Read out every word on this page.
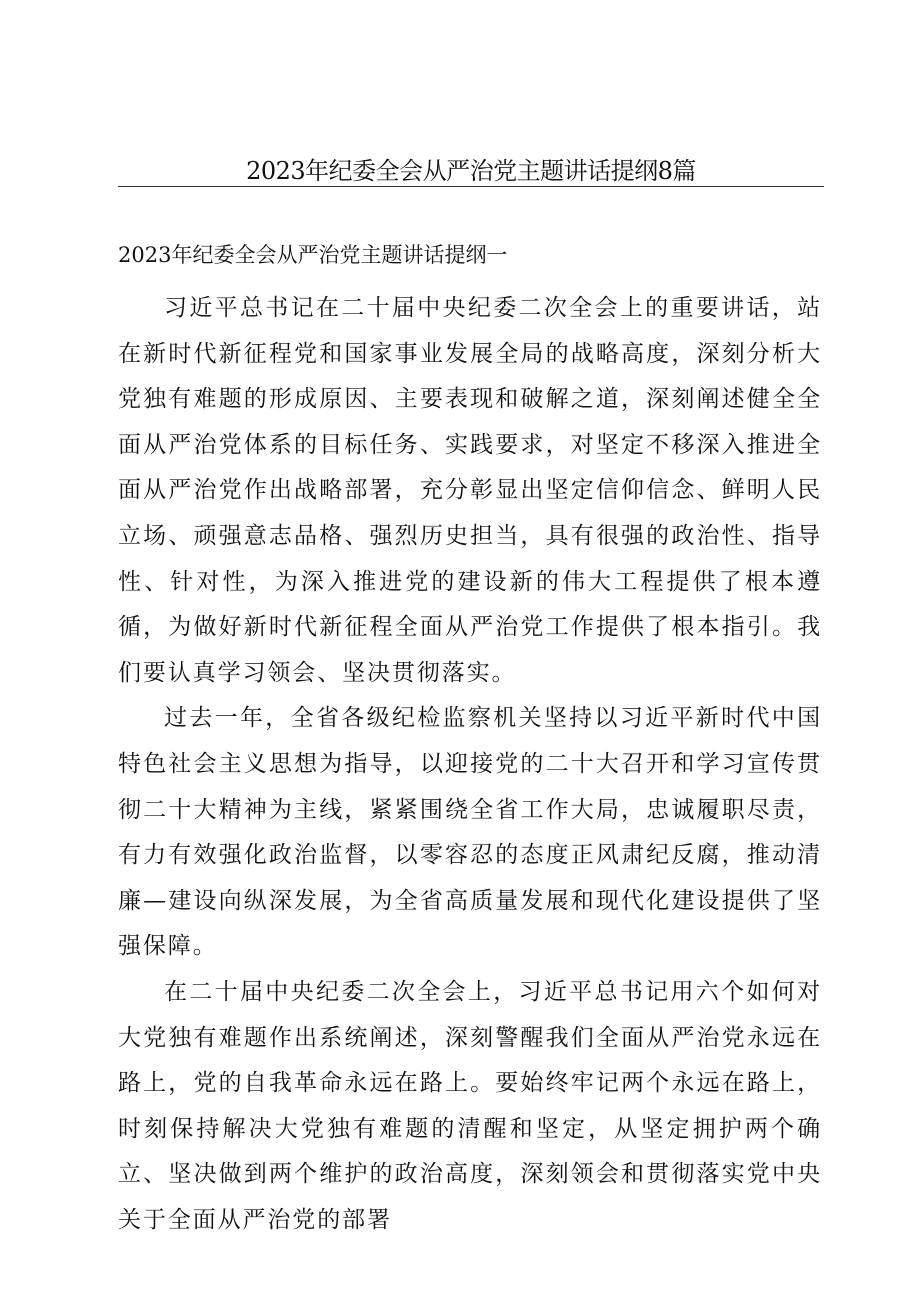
2023年纪委全会从严治党主题讲话提纲8篇
2023年纪委全会从严治党主题讲话提纲一

习近平总书记在二十届中央纪委二次全会上的重要讲话，站在新时代新征程党和国家事业发展全局的战略高度，深刻分析大党独有难题的形成原因、主要表现和破解之道，深刻阐述健全全面从严治党体系的目标任务、实践要求，对坚定不移深入推进全面从严治党作出战略部署，充分彰显出坚定信仰信念、鲜明人民立场、顽强意志品格、强烈历史担当，具有很强的政治性、指导性、针对性，为深入推进党的建设新的伟大工程提供了根本遵循，为做好新时代新征程全面从严治党工作提供了根本指引。我们要认真学习领会、坚决贯彻落实。

过去一年，全省各级纪检监察机关坚持以习近平新时代中国特色社会主义思想为指导，以迎接党的二十大召开和学习宣传贯彻二十大精神为主线，紧紧围绕全省工作大局，忠诚履职尽责，有力有效强化政治监督，以零容忍的态度正风肃纪反腐，推动清廉—建设向纵深发展，为全省高质量发展和现代化建设提供了坚强保障。

在二十届中央纪委二次全会上，习近平总书记用六个如何对大党独有难题作出系统阐述，深刻警醒我们全面从严治党永远在路上，党的自我革命永远在路上。要始终牢记两个永远在路上，时刻保持解决大党独有难题的清醒和坚定，从坚定拥护两个确立、坚决做到两个维护的政治高度，深刻领会和贯彻落实党中央关于全面从严治党的部署
